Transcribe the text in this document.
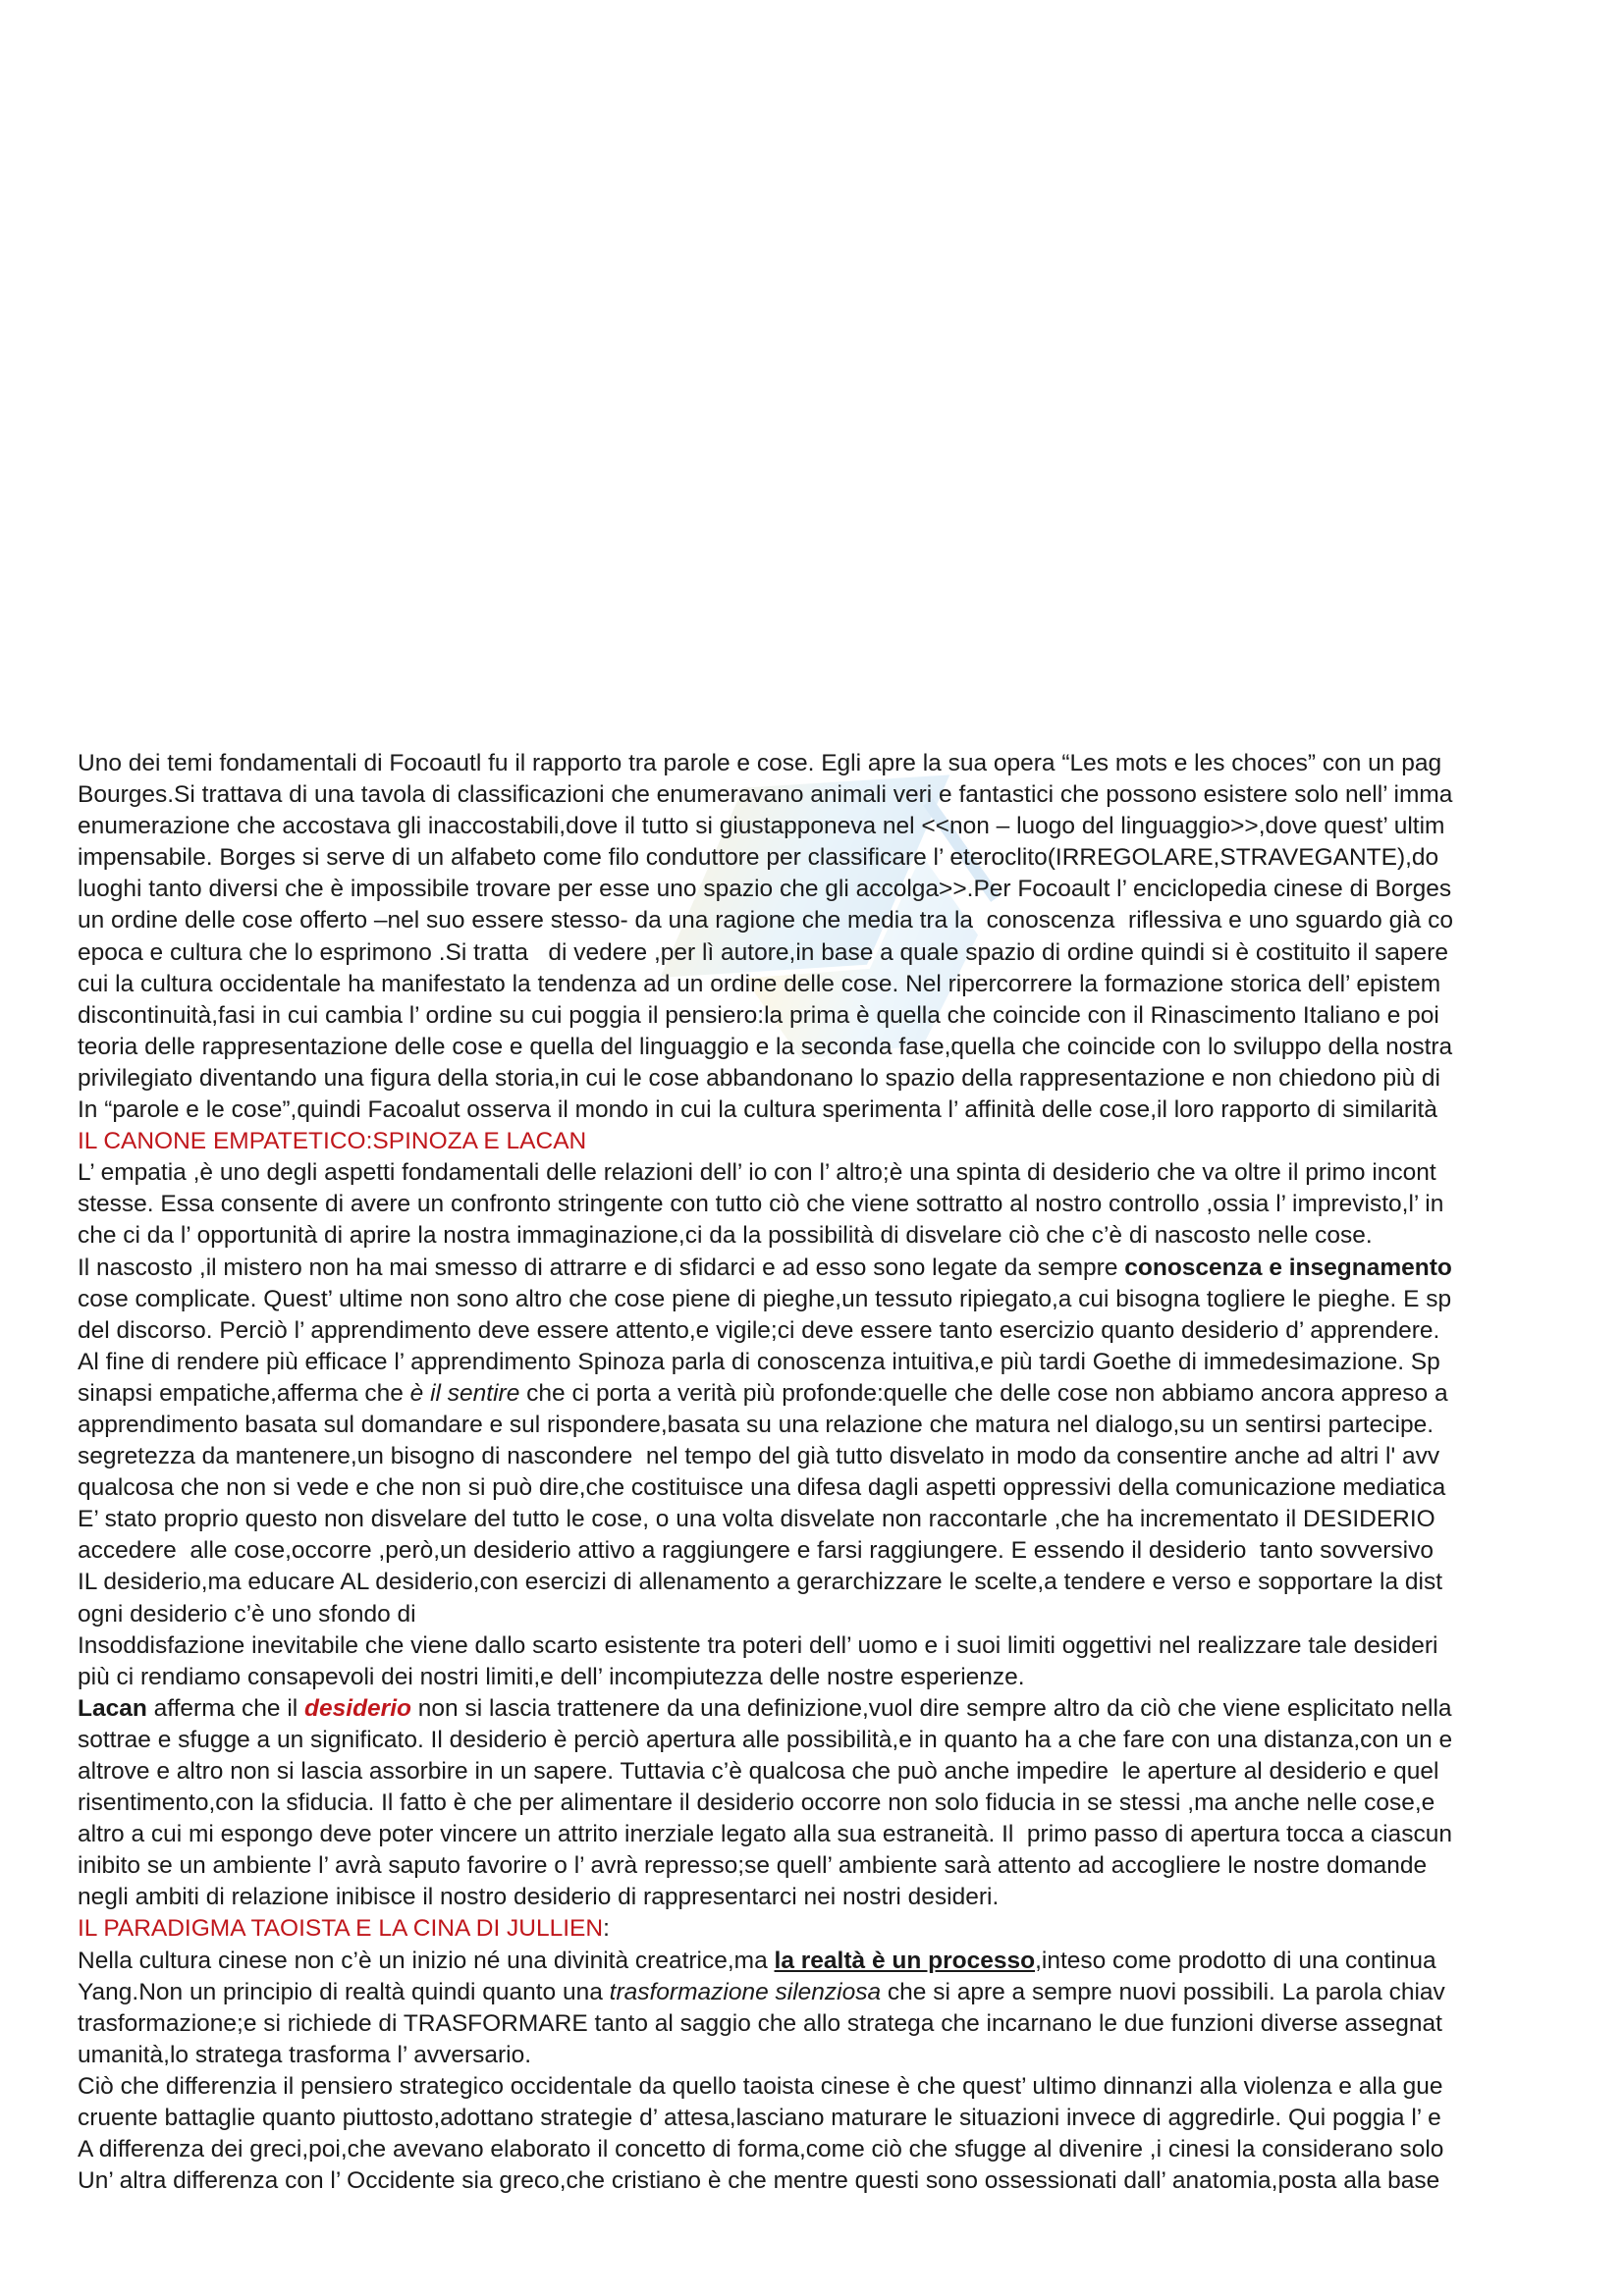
Uno dei temi fondamentali di Focoautl fu il rapporto tra parole e cose. Egli apre la sua opera “Les mots e les choces” con un pag
Bourges.Si trattava di una tavola di classificazioni che enumeravano animali veri e fantastici che possono esistere solo nell’ imma
enumerazione che accostava gli inaccostabili,dove il tutto si giustapponeva nel <<non – luogo del linguaggio>>,dove quest’ ultim
impensabile. Borges si serve di un alfabeto come filo conduttore per classificare l’ eteroclito(IRREGOLARE,STRAVEGANTE),do
luoghi tanto diversi che è impossibile trovare per esse uno spazio che gli accolga>>.Per Focoault l’ enciclopedia cinese di Borges
un ordine delle cose offerto –nel suo essere stesso- da una ragione che media tra la  conoscenza  riflessiva e uno sguardo già co
epoca e cultura che lo esprimono .Si tratta   di vedere ,per lì autore,in base a quale spazio di ordine quindi si è costituito il sapere
cui la cultura occidentale ha manifestato la tendenza ad un ordine delle cose. Nel ripercorrere la formazione storica dell’ epistem
discontinuità,fasi in cui cambia l’ ordine su cui poggia il pensiero:la prima è quella che coincide con il Rinascimento Italiano e poi
teoria delle rappresentazione delle cose e quella del linguaggio e la seconda fase,quella che coincide con lo sviluppo della nostra
privilegiato diventando una figura della storia,in cui le cose abbandonano lo spazio della rappresentazione e non chiedono più di
In “parole e le cose”,quindi Facoalut osserva il mondo in cui la cultura sperimenta l’ affinità delle cose,il loro rapporto di similarità
IL CANONE EMPATETICO:SPINOZA E LACAN
L’ empatia ,è uno degli aspetti fondamentali delle relazioni dell’ io con l’ altro;è una spinta di desiderio che va oltre il primo incont
stesse. Essa consente di avere un confronto stringente con tutto ciò che viene sottratto al nostro controllo ,ossia l’ imprevisto,l’ in
che ci da l’ opportunità di aprire la nostra immaginazione,ci da la possibilità di disvelare ciò che c’è di nascosto nelle cose.
Il nascosto ,il mistero non ha mai smesso di attrarre e di sfidarci e ad esso sono legate da sempre conoscenza e insegnamento
cose complicate. Quest’ ultime non sono altro che cose piene di pieghe,un tessuto ripiegato,a cui bisogna togliere le pieghe. E sp
del discorso. Perciò l’ apprendimento deve essere attento,e vigile;ci deve essere tanto esercizio quanto desiderio d’ apprendere.
Al fine di rendere più efficace l’ apprendimento Spinoza parla di conoscenza intuitiva,e più tardi Goethe di immedesimazione. Sp
sinapsi empatiche,afferma che è il sentire che ci porta a verità più profonde:quelle che delle cose non abbiamo ancora appreso a
apprendimento basata sul domandare e sul rispondere,basata su una relazione che matura nel dialogo,su un sentirsi partecipe.
segretezza da mantenere,un bisogno di nascondere  nel tempo del già tutto disvelato in modo da consentire anche ad altri l' avv
qualcosa che non si vede e che non si può dire,che costituisce una difesa dagli aspetti oppressivi della comunicazione mediatica
E’ stato proprio questo non disvelare del tutto le cose, o una volta disvelate non raccontarle ,che ha incrementato il DESIDERIO
accedere  alle cose,occorre ,però,un desiderio attivo a raggiungere e farsi raggiungere. E essendo il desiderio  tanto sovversivo
IL desiderio,ma educare AL desiderio,con esercizi di allenamento a gerarchizzare le scelte,a tendere e verso e sopportare la dist
ogni desiderio c’è uno sfondo di
Insoddisfazione inevitabile che viene dallo scarto esistente tra poteri dell’ uomo e i suoi limiti oggettivi nel realizzare tale desideri
più ci rendiamo consapevoli dei nostri limiti,e dell’ incompiutezza delle nostre esperienze.
Lacan afferma che il desiderio non si lascia trattenere da una definizione,vuol dire sempre altro da ciò che viene esplicitato nella
sottrae e sfugge a un significato. Il desiderio è perciò apertura alle possibilità,e in quanto ha a che fare con una distanza,con un e
altrove e altro non si lascia assorbire in un sapere. Tuttavia c’è qualcosa che può anche impedire  le aperture al desiderio e quel
risentimento,con la sfiducia. Il fatto è che per alimentare il desiderio occorre non solo fiducia in se stessi ,ma anche nelle cose,e
altro a cui mi espongo deve poter vincere un attrito inerziale legato alla sua estraneità. Il  primo passo di apertura tocca a ciascun
inibito se un ambiente l’ avrà saputo favorire o l’ avrà represso;se quell’ ambiente sarà attento ad accogliere le nostre domande
negli ambiti di relazione inibisce il nostro desiderio di rappresentarci nei nostri desideri.
IL PARADIGMA TAOISTA E LA CINA DI JULLIEN:
Nella cultura cinese non c’è un inizio né una divinità creatrice,ma la realtà è un processo,inteso come prodotto di una continua
Yang.Non un principio di realtà quindi quanto una trasformazione silenziosa che si apre a sempre nuovi possibili. La parola chiav
trasformazione;e si richiede di TRASFORMARE tanto al saggio che allo stratega che incarnano le due funzioni diverse assegnat
umanità,lo stratega trasforma l’ avversario.
Ciò che differenzia il pensiero strategico occidentale da quello taoista cinese è che quest’ ultimo dinnanzi alla violenza e alla gue
cruente battaglie quanto piuttosto,adottano strategie d’ attesa,lasciano maturare le situazioni invece di aggredirle. Qui poggia l’ e
A differenza dei greci,poi,che avevano elaborato il concetto di forma,come ciò che sfugge al divenire ,i cinesi la considerano solo
Un’ altra differenza con l’ Occidente sia greco,che cristiano è che mentre questi sono ossessionati dall’ anatomia,posta alla base
